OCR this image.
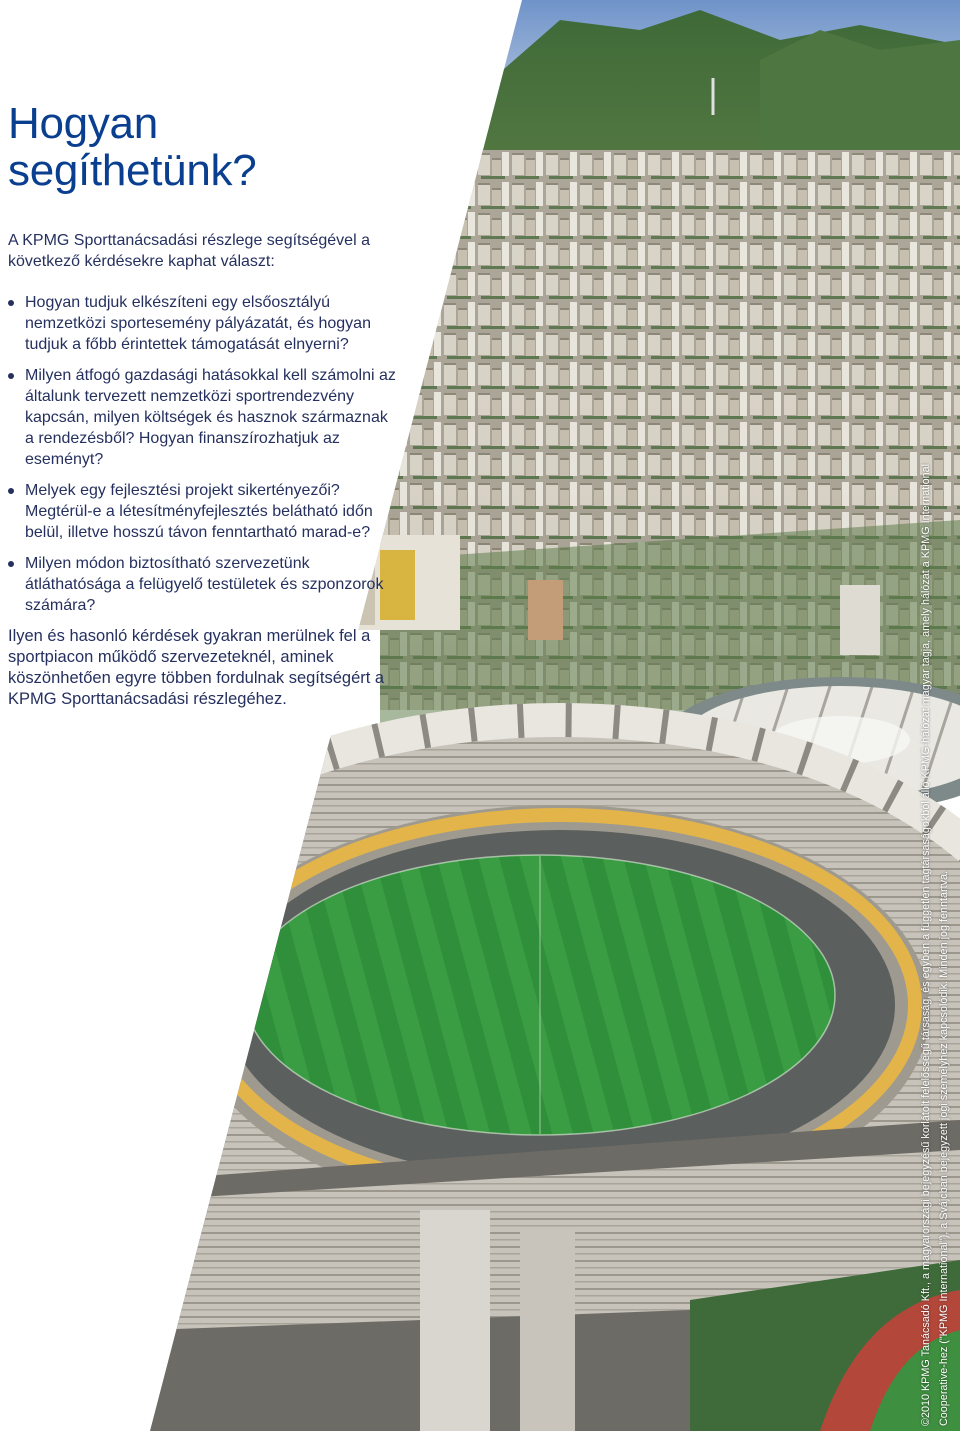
Hogyan segíthetünk?

A KPMG Sporttanácsadási részlege segítségével a következő kérdésekre kaphat választ:

Hogyan tudjuk elkészíteni egy elsőosztályú nemzetközi sportesemény pályázatát, és hogyan tudjuk a főbb érintettek támogatását elnyerni?
Milyen átfogó gazdasági hatásokkal kell számolni az általunk tervezett nemzetközi sportrendezvény kapcsán, milyen költségek és hasznok származnak a rendezésből? Hogyan finanszírozhatjuk az eseményt?
Melyek egy fejlesztési projekt sikertényezői? Megtérül-e a létesítményfejlesztés belátható időn belül, illetve hosszú távon fenntartható marad-e?
Milyen módon biztosítható szervezetünk átláthatósága a felügyelő testületek és szponzorok számára?

Ilyen és hasonló kérdések gyakran merülnek fel a sportpiacon működő szervezeteknél, aminek köszönhetően egyre többen fordulnak segítségért a KPMG Sporttanácsadási részlegéhez.	©2010 KPMG Tanácsadó Kft., a magyarországi bejegyzésű korlátolt felelősségű társaság, és egyben a független tagtársaságokból álló KPMG-hálózat magyar tagja, amely hálózat a KPMG International Cooperative-hez ("KPMG International"), a Svájcban bejegyzett jogi személyhez kapcsolódik. Minden jog fenntartva.
